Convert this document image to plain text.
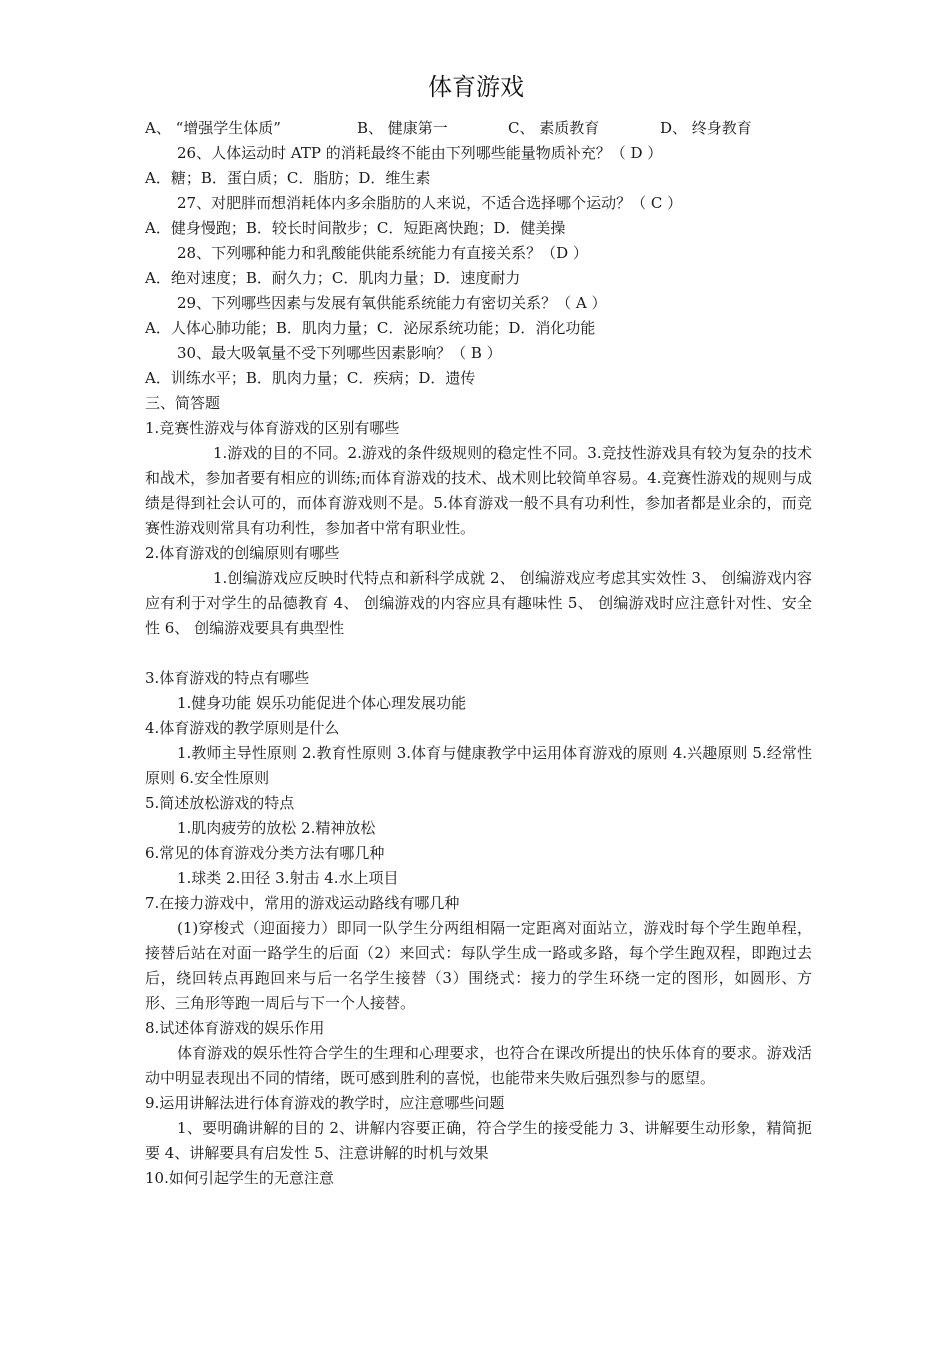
体育游戏
A、 “增强学生体质”	B、 健康第一	C、 素质教育	D、 终身教育
26、人体运动时 ATP 的消耗最终不能由下列哪些能量物质补充？（ D ）
A．糖；B．蛋白质；C．脂肪；D．维生素
27、对肥胖而想消耗体内多余脂肪的人来说，不适合选择哪个运动？（ C ）
A．健身慢跑；B．较长时间散步；C．短距离快跑；D．健美操
28、下列哪种能力和乳酸能供能系统能力有直接关系？（D ）
A．绝对速度；B．耐久力；C．肌肉力量；D．速度耐力
29、下列哪些因素与发展有氧供能系统能力有密切关系？（ A ）
A．人体心肺功能；B．肌肉力量；C．泌尿系统功能；D．消化功能
30、最大吸氧量不受下列哪些因素影响？（ B ）
A．训练水平；B．肌肉力量；C．疾病；D．遗传
三、简答题
1.竞赛性游戏与体育游戏的区别有哪些
1.游戏的目的不同。2.游戏的条件级规则的稳定性不同。3.竞技性游戏具有较为复杂的技术和战术，参加者要有相应的训练;而体育游戏的技术、战术则比较简单容易。4.竞赛性游戏的规则与成绩是得到社会认可的，而体育游戏则不是。5.体育游戏一般不具有功利性，参加者都是业余的，而竞赛性游戏则常具有功利性，参加者中常有职业性。
2.体育游戏的创编原则有哪些
1.创编游戏应反映时代特点和新科学成就 2、 创编游戏应考虑其实效性 3、 创编游戏内容应有利于对学生的品德教育 4、 创编游戏的内容应具有趣味性 5、 创编游戏时应注意针对性、安全性 6、 创编游戏要具有典型性
3.体育游戏的特点有哪些
1.健身功能 娱乐功能促进个体心理发展功能
4.体育游戏的教学原则是什么
1.教师主导性原则 2.教育性原则 3.体育与健康教学中运用体育游戏的原则 4.兴趣原则 5.经常性原则 6.安全性原则
5.简述放松游戏的特点
1.肌肉疲劳的放松 2.精神放松
6.常见的体育游戏分类方法有哪几种
1.球类 2.田径 3.射击 4.水上项目
7.在接力游戏中，常用的游戏运动路线有哪几种
(1)穿梭式（迎面接力）即同一队学生分两组相隔一定距离对面站立，游戏时每个学生跑单程，接替后站在对面一路学生的后面（2）来回式：每队学生成一路或多路，每个学生跑双程，即跑过去后，绕回转点再跑回来与后一名学生接替（3）围绕式：接力的学生环绕一定的图形，如圆形、方形、三角形等跑一周后与下一个人接替。
8.试述体育游戏的娱乐作用
体育游戏的娱乐性符合学生的生理和心理要求，也符合在课改所提出的快乐体育的要求。游戏活动中明显表现出不同的情绪，既可感到胜利的喜悦，也能带来失败后强烈参与的愿望。
9.运用讲解法进行体育游戏的教学时，应注意哪些问题
1、要明确讲解的目的 2、讲解内容要正确，符合学生的接受能力 3、讲解要生动形象，精简扼要 4、讲解要具有启发性 5、注意讲解的时机与效果
10.如何引起学生的无意注意
